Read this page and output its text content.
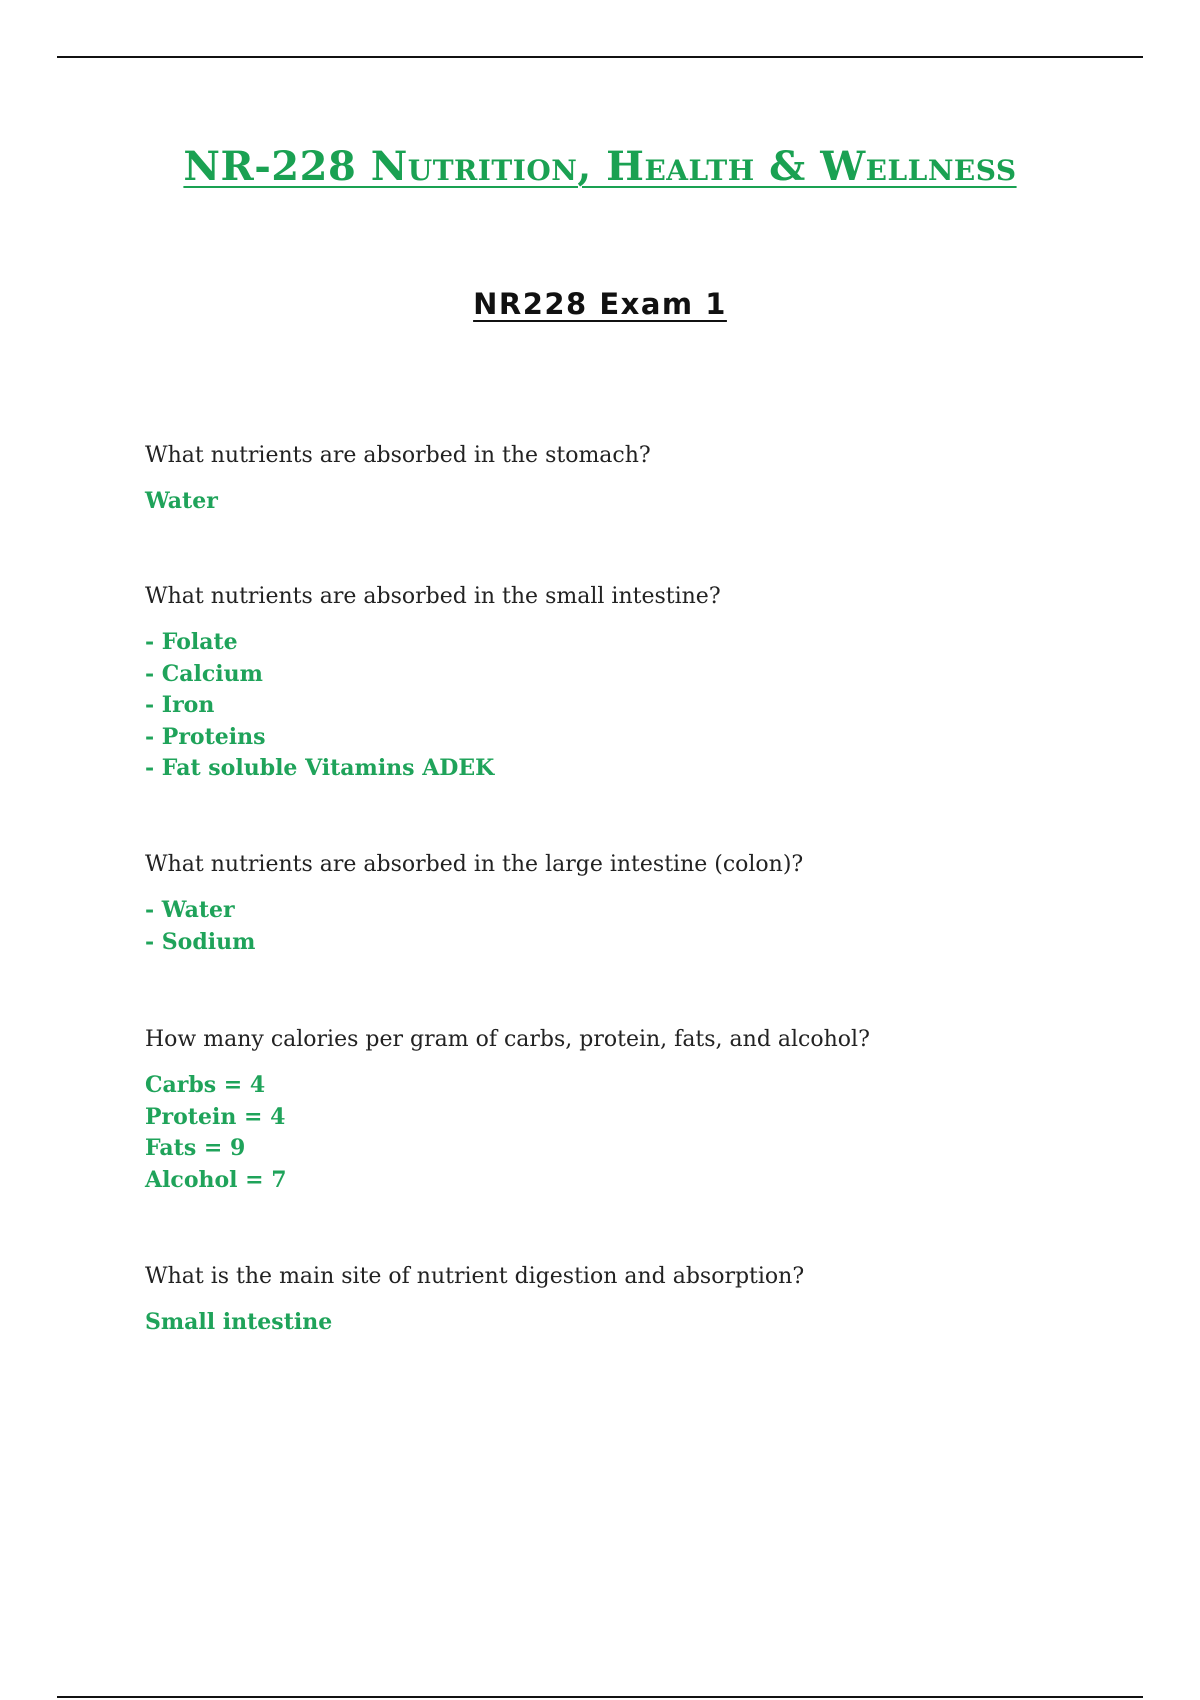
NR-228 Nutrition, Health & Wellness
NR228 Exam 1

What nutrients are absorbed in the stomach?

Water

What nutrients are absorbed in the small intestine?

- Folate
- Calcium
- Iron
- Proteins
- Fat soluble Vitamins ADEK

What nutrients are absorbed in the large intestine (colon)?

- Water
- Sodium

How many calories per gram of carbs, protein, fats, and alcohol?

Carbs = 4
Protein = 4
Fats = 9
Alcohol = 7

What is the main site of nutrient digestion and absorption?

Small intestine
